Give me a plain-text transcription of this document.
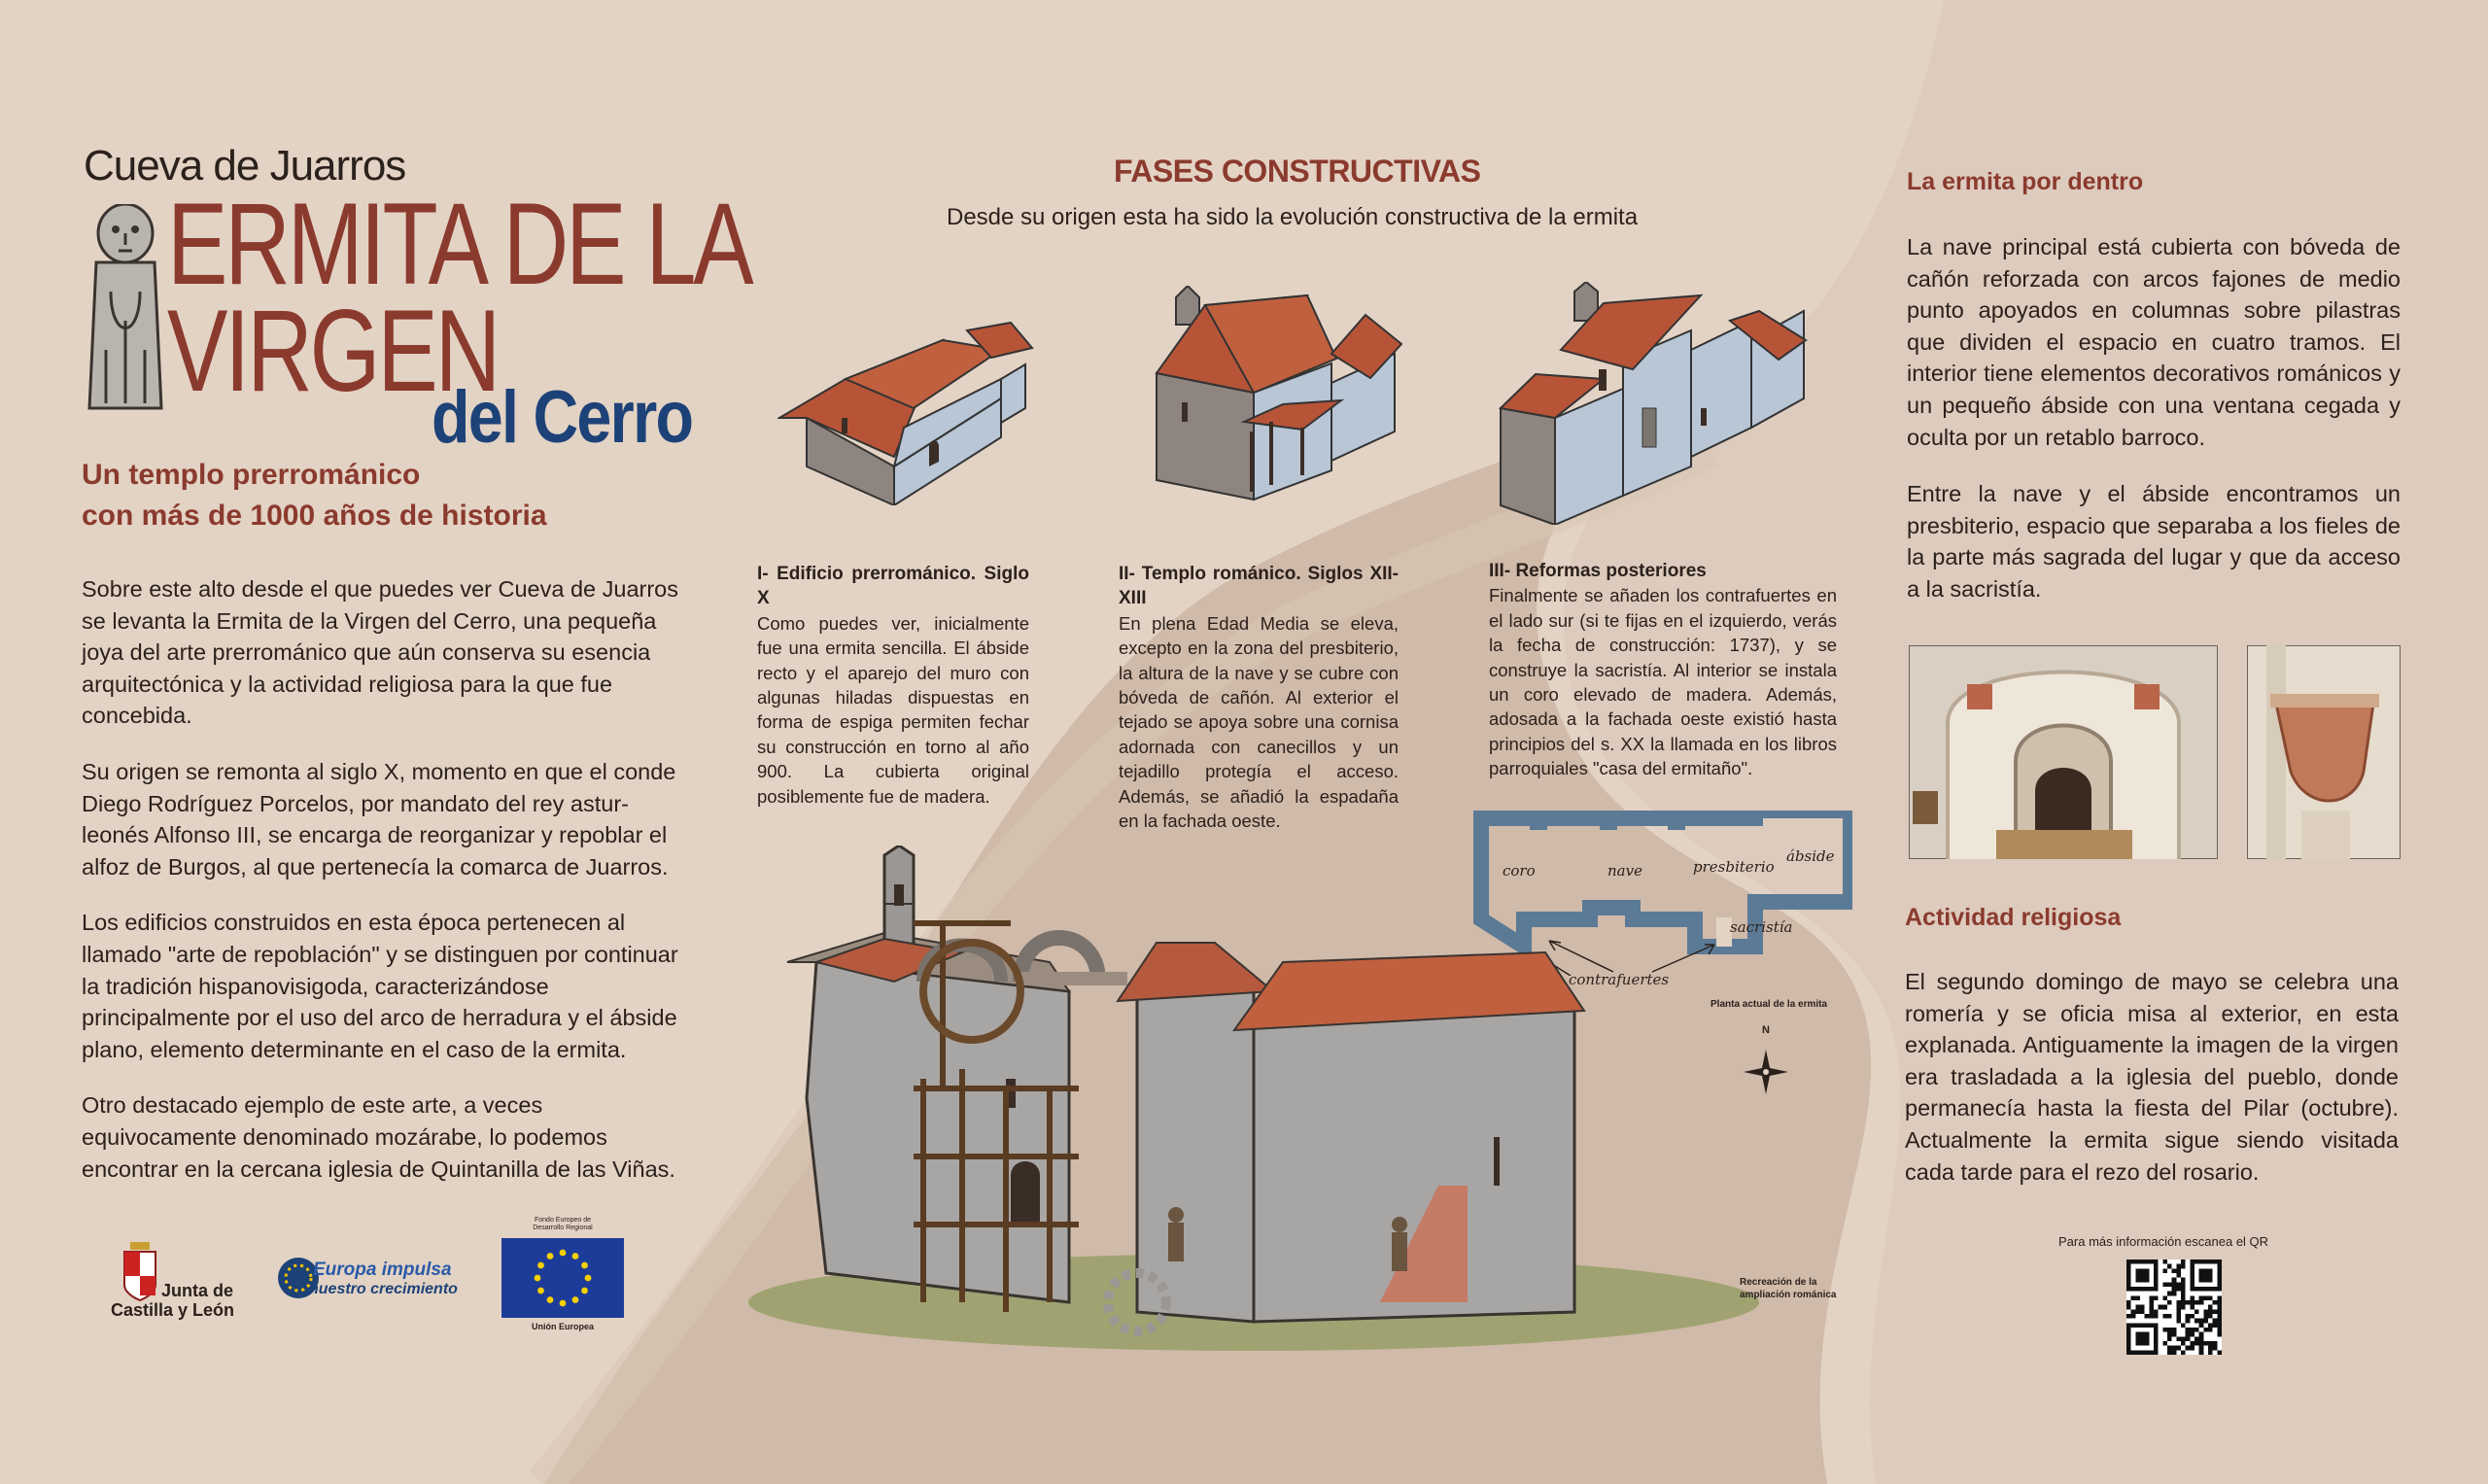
Cueva de Juarros
ERMITA DE LA
VIRGEN
del Cerro
Un templo prerrománico
con más de 1000 años de historia

Sobre este alto desde el que puedes ver Cueva de Juarros se levanta la Ermita de la Virgen del Cerro, una pequeña joya del arte prerrománico que aún conserva su esencia arquitectónica y la actividad religiosa para la que fue concebida.

Su origen se remonta al siglo X, momento en que el conde Diego Rodríguez Porcelos, por mandato del rey astur-leonés Alfonso III, se encarga de reorganizar y repoblar el alfoz de Burgos, al que pertenecía la comarca de Juarros.

Los edificios construidos en esta época pertenecen al llamado "arte de repoblación" y se distinguen por continuar la tradición hispanovisigoda, caracterizándose principalmente por el uso del arco de herradura y el ábside plano, elemento determinante en el caso de la ermita.

Otro destacado ejemplo de este arte, a veces equivocamente denominado mozárabe, lo podemos encontrar en la cercana iglesia de Quintanilla de las Viñas.

Junta de
Castilla y León
Europa impulsa
nuestro crecimiento
Fondo Europeo de
Desarrollo Regional
Unión Europea
FASES CONSTRUCTIVAS
Desde su origen esta ha sido la evolución constructiva de la ermita
I- Edificio prerrománico. Siglo X
Como puedes ver, inicialmente fue una ermita sencilla. El ábside recto y el aparejo del muro con algunas hiladas dispuestas en forma de espiga permiten fechar su construcción en torno al año 900. La cubierta original posiblemente fue de madera.
II- Templo románico. Siglos XII-XIII
En plena Edad Media se eleva, excepto en la zona del presbiterio, la altura de la nave y se cubre con bóveda de cañón. Al exterior el tejado se apoya sobre una cornisa adornada con canecillos y un tejadillo protegía el acceso. Además, se añadió la espadaña en la fachada oeste.
III- Reformas posteriores
Finalmente se añaden los contrafuertes en el lado sur (si te fijas en el izquierdo, verás la fecha de construcción: 1737), y se construye la sacristía. Al interior se instala un coro elevado de madera. Además, adosada a la fachada oeste existió hasta principios del s. XX la llamada en los libros parroquiales "casa del ermitaño".
coro	nave	presbiterio
ábside
sacristía
contrafuertes
Planta actual de la ermita
N
Recreación de la
ampliación románica
La ermita por dentro
La nave principal está cubierta con bóveda de cañón reforzada con arcos fajones de medio punto apoyados en columnas sobre pilastras que dividen el espacio en cuatro tramos. El interior tiene elementos decorativos románicos y un pequeño ábside con una ventana cegada y oculta por un retablo barroco.
Entre la nave y el ábside encontramos un presbiterio, espacio que separaba a los fieles de la parte más sagrada del lugar y que da acceso a la sacristía.
Actividad religiosa
El segundo domingo de mayo se celebra una romería y se oficia misa al exterior, en esta explanada. Antiguamente la imagen de la virgen era trasladada a la iglesia del pueblo, donde permanecía hasta la fiesta del Pilar (octubre). Actualmente la ermita sigue siendo visitada cada tarde para el rezo del rosario.
Para más información escanea el QR
